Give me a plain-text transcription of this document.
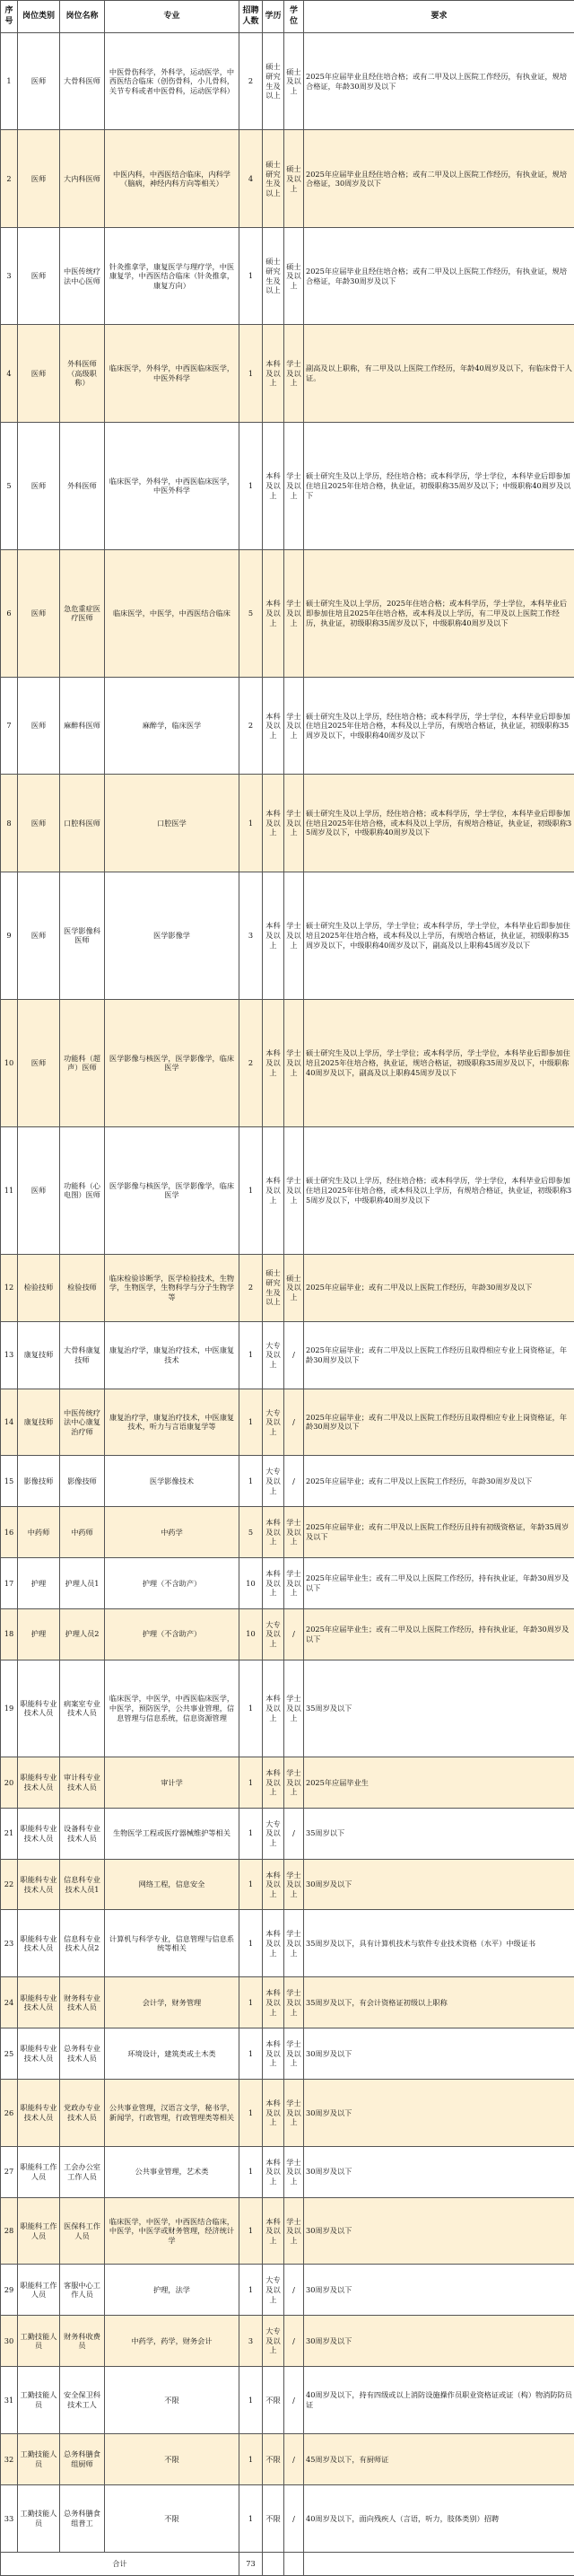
序号	岗位类别	岗位名称	专业	招聘人数	学历	学位	要求
1	医师	大骨科医师	中医骨伤科学，外科学，运动医学，中西医结合临床（创伤骨科，小儿骨科，关节专科或者中医骨科，运动医学科）	2	硕士研究生及以上	硕士及以上	2025年应届毕业且经住培合格；或有二甲及以上医院工作经历，有执业证，规培合格证，年龄30周岁及以下
2	医师	大内科医师	中医内科，中西医结合临床，内科学（脑病，神经内科方向等相关）	4	硕士研究生及以上	硕士及以上	2025年应届毕业且经住培合格；或有二甲及以上医院工作经历，有执业证，规培合格证，30周岁及以下
3	医师	中医传统疗法中心医师	针灸推拿学，康复医学与理疗学，中医康复学，中西医结合临床（针灸推拿，康复方向）	1	硕士研究生及以上	硕士及以上	2025年应届毕业且经住培合格；或有二甲及以上医院工作经历，有执业证，规培合格证，年龄30周岁及以下
4	医师	外科医师（高级职称）	临床医学，外科学，中西医临床医学，中医外科学	1	本科及以上	学士及以上	副高及以上职称，有二甲及以上医院工作经历，年龄40周岁及以下，有临床骨干人证。
5	医师	外科医师	临床医学，外科学，中西医临床医学，中医外科学	1	本科及以上	学士及以上	硕士研究生及以上学历，经住培合格；或本科学历，学士学位，本科毕业后即参加住培且2025年住培合格，执业证，初级职称35周岁及以下；中级职称40周岁及以下
6	医师	急危重症医疗医师	临床医学，中医学，中西医结合临床	5	本科及以上	学士及以上	硕士研究生及以上学历，2025年住培合格；或本科学历，学士学位，本科毕业后即参加住培且2025年住培合格，或本科及以上学历，有二甲及以上医院工作经历，执业证，初级职称35周岁及以下，中级职称40周岁及以下
7	医师	麻醉科医师	麻醉学，临床医学	2	本科及以上	学士及以上	硕士研究生及以上学历，经住培合格；或本科学历，学士学位，本科毕业后即参加住培且2025年住培合格，本科及以上学历，有规培合格证，执业证，初级职称35周岁及以下，中级职称40周岁及以下
8	医师	口腔科医师	口腔医学	1	本科及以上	学士及以上	硕士研究生及以上学历，经住培合格；或本科学历，学士学位，本科毕业后即参加住培且2025年住培合格，或本科及以上学历，有规培合格证，执业证，初级职称35周岁及以下，中级职称40周岁及以下
9	医师	医学影像科医师	医学影像学	3	本科及以上	学士及以上	硕士研究生及以上学历，学士学位；或本科学历，学士学位，本科毕业后即参加住培且2025年住培合格，或本科及以上学历，有规培合格证，执业证，初级职称35周岁及以下，中级职称40周岁及以下，副高及以上职称45周岁及以下
10	医师	功能科（超声）医师	医学影像与核医学，医学影像学，临床医学	2	本科及以上	学士及以上	硕士研究生及以上学历，学士学位；或本科学历，学士学位，本科毕业后即参加住培且2025年住培合格，执业证，规培合格证，初级职称35周岁及以下，中级职称40周岁及以下，副高及以上职称45周岁及以下
11	医师	功能科（心电图）医师	医学影像与核医学，医学影像学，临床医学	1	本科及以上	学士及以上	硕士研究生及以上学历，经住培合格；或本科学历，学士学位，本科毕业后即参加住培且2025年住培合格，或本科及以上学历，有规培合格证，执业证，初级职称35周岁及以下，中级职称40周岁及以下
12	检验技师	检验技师	临床检验诊断学，医学检验技术，生物学，生物医学，生物科学与分子生物学等	2	硕士研究生及以上	硕士及以上	2025年应届毕业；或有二甲及以上医院工作经历，年龄30周岁及以下
13	康复技师	大骨科康复技师	康复治疗学，康复治疗技术，中医康复技术	1	大专及以上	/	2025年应届毕业；或有二甲及以上医院工作经历且取得相应专业上岗资格证，年龄30周岁及以下
14	康复技师	中医传统疗法中心康复治疗师	康复治疗学，康复治疗技术，中医康复技术，听力与言语康复学等	1	大专及以上	/	2025年应届毕业；或有二甲及以上医院工作经历且取得相应专业上岗资格证，年龄30周岁及以下
15	影像技师	影像技师	医学影像技术	1	大专及以上	/	2025年应届毕业；或有二甲及以上医院工作经历，年龄30周岁及以下
16	中药师	中药师	中药学	5	本科及以上	学士及以上	2025年应届毕业；或有二甲及以上医院工作经历且持有初级资格证，年龄35周岁及以下
17	护理	护理人员1	护理（不含助产）	10	本科及以上	学士及以上	2025年应届毕业生；或有二甲及以上医院工作经历，持有执业证，年龄30周岁及以下
18	护理	护理人员2	护理（不含助产）	10	大专及以上	/	2025年应届毕业生；或有二甲及以上医院工作经历，持有执业证，年龄30周岁及以下
19	职能科专业技术人员	病案室专业技术人员	临床医学，中医学，中西医临床医学，中医学，预防医学，公共事业管理，信息管理与信息系统，信息资源管理	1	本科及以上	学士及以上	35周岁及以下
20	职能科专业技术人员	审计科专业技术人员	审计学	1	本科及以上	学士及以上	2025年应届毕业生
21	职能科专业技术人员	设备科专业技术人员	生物医学工程或医疗器械维护等相关	1	大专及以上	/	35周岁以下
22	职能科专业技术人员	信息科专业技术人员1	网络工程，信息安全	1	本科及以上	学士及以上	30周岁及以下
23	职能科专业技术人员	信息科专业技术人员2	计算机与科学专业，信息管理与信息系统等相关	1	本科及以上	学士及以上	35周岁及以下，具有计算机技术与软件专业技术资格（水平）中级证书
24	职能科专业技术人员	财务科专业技术人员	会计学，财务管理	1	本科及以上	学士及以上	35周岁及以下，有会计资格证初级以上职称
25	职能科专业技术人员	总务科专业技术人员	环境设计，建筑类或土木类	1	本科及以上	学士及以上	30周岁及以下
26	职能科专业技术人员	党政办专业技术人员	公共事业管理，汉语言文学，秘书学，新闻学，行政管理，行政管理类等相关	1	本科及以上	学士及以上	30周岁及以下
27	职能科工作人员	工会办公室工作人员	公共事业管理，艺术类	1	本科及以上	学士及以上	30周岁及以下
28	职能科工作人员	医保科工作人员	临床医学，中医学，中西医结合临床，中医学，中医学或财务管理，经济统计学	1	本科及以上	学士及以上	30周岁及以下
29	职能科工作人员	客服中心工作人员	护理，法学	1	大专及以上	/	30周岁及以下
30	工勤技能人员	财务科收费员	中药学，药学，财务会计	3	大专及以上	/	30周岁及以下
31	工勤技能人员	安全保卫科技术工人	不限	1	不限	/	40周岁及以下，持有四级或以上消防设施操作员职业资格证或证（构）物消防防员证
32	工勤技能人员	总务科膳食组厨师	不限	1	不限	/	45周岁及以下，有厨师证
33	工勤技能人员	总务科膳食组普工	不限	1	不限	/	40周岁及以下，面向残疾人（言语，听力，肢体类别）招聘
合计				73			
